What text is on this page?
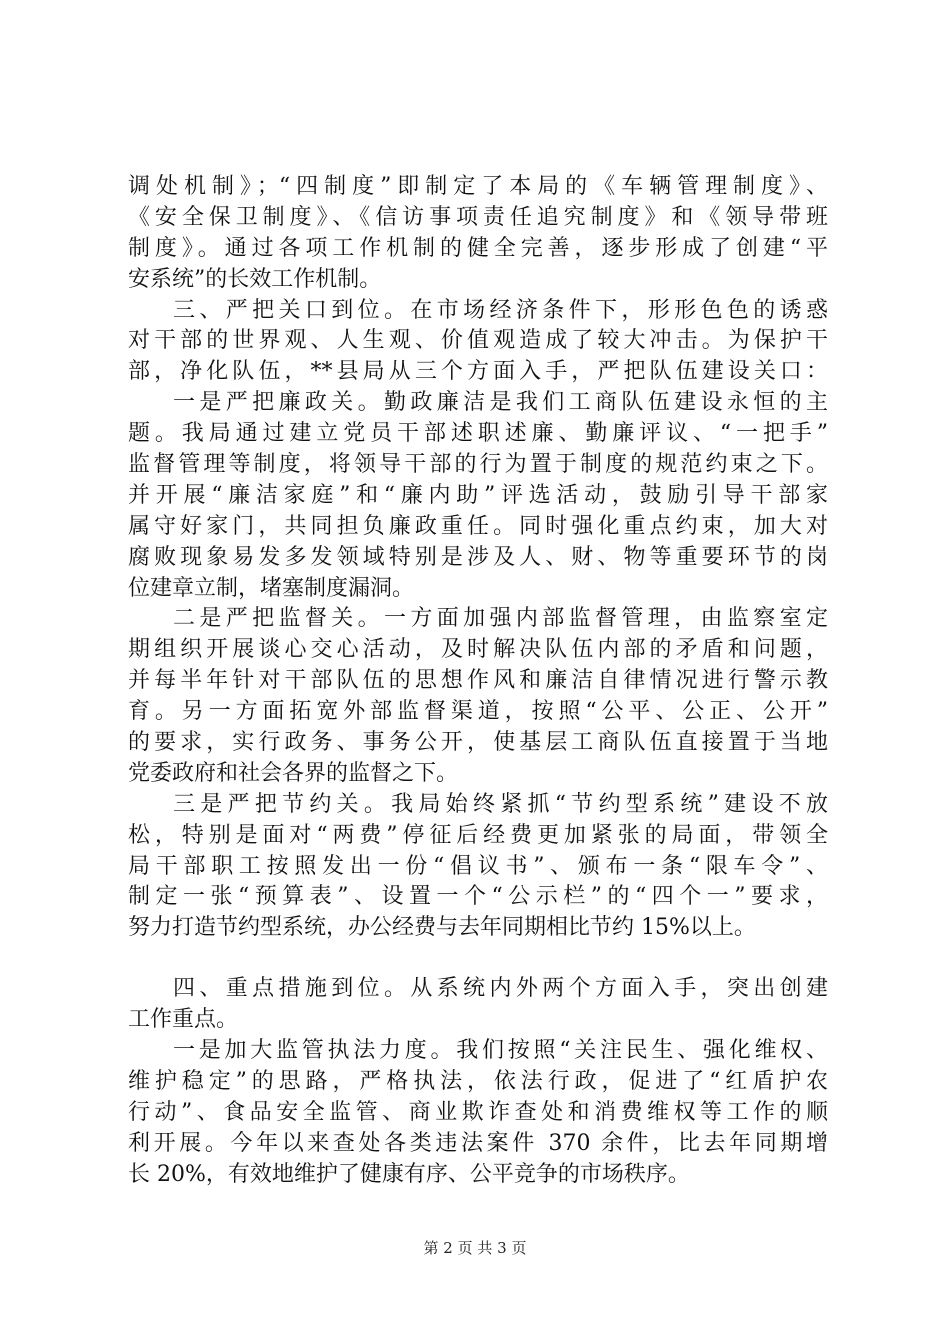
调处机制》；“四制度”即制定了本局的《车辆管理制度》、
《安全保卫制度》、《信访事项责任追究制度》和《领导带班
制度》。通过各项工作机制的健全完善，逐步形成了创建“平
安系统”的长效工作机制。
三、严把关口到位。在市场经济条件下，形形色色的诱惑
对干部的世界观、人生观、价值观造成了较大冲击。为保护干
部，净化队伍，**县局从三个方面入手，严把队伍建设关口：
一是严把廉政关。勤政廉洁是我们工商队伍建设永恒的主
题。我局通过建立党员干部述职述廉、勤廉评议、“一把手”
监督管理等制度，将领导干部的行为置于制度的规范约束之下。
并开展“廉洁家庭”和“廉内助”评选活动，鼓励引导干部家
属守好家门，共同担负廉政重任。同时强化重点约束，加大对
腐败现象易发多发领域特别是涉及人、财、物等重要环节的岗
位建章立制，堵塞制度漏洞。
二是严把监督关。一方面加强内部监督管理，由监察室定
期组织开展谈心交心活动，及时解决队伍内部的矛盾和问题，
并每半年针对干部队伍的思想作风和廉洁自律情况进行警示教
育。另一方面拓宽外部监督渠道，按照“公平、公正、公开”
的要求，实行政务、事务公开，使基层工商队伍直接置于当地
党委政府和社会各界的监督之下。
三是严把节约关。我局始终紧抓“节约型系统”建设不放
松，特别是面对“两费”停征后经费更加紧张的局面，带领全
局干部职工按照发出一份“倡议书”、颁布一条“限车令”、
制定一张“预算表”、设置一个“公示栏”的“四个一”要求，
努力打造节约型系统，办公经费与去年同期相比节约 15%以上。
四、重点措施到位。从系统内外两个方面入手，突出创建
工作重点。
一是加大监管执法力度。我们按照“关注民生、强化维权、
维护稳定”的思路，严格执法，依法行政，促进了“红盾护农
行动”、食品安全监管、商业欺诈查处和消费维权等工作的顺
利开展。今年以来查处各类违法案件 370 余件，比去年同期增
长 20%，有效地维护了健康有序、公平竞争的市场秩序。
第 2 页 共 3 页
